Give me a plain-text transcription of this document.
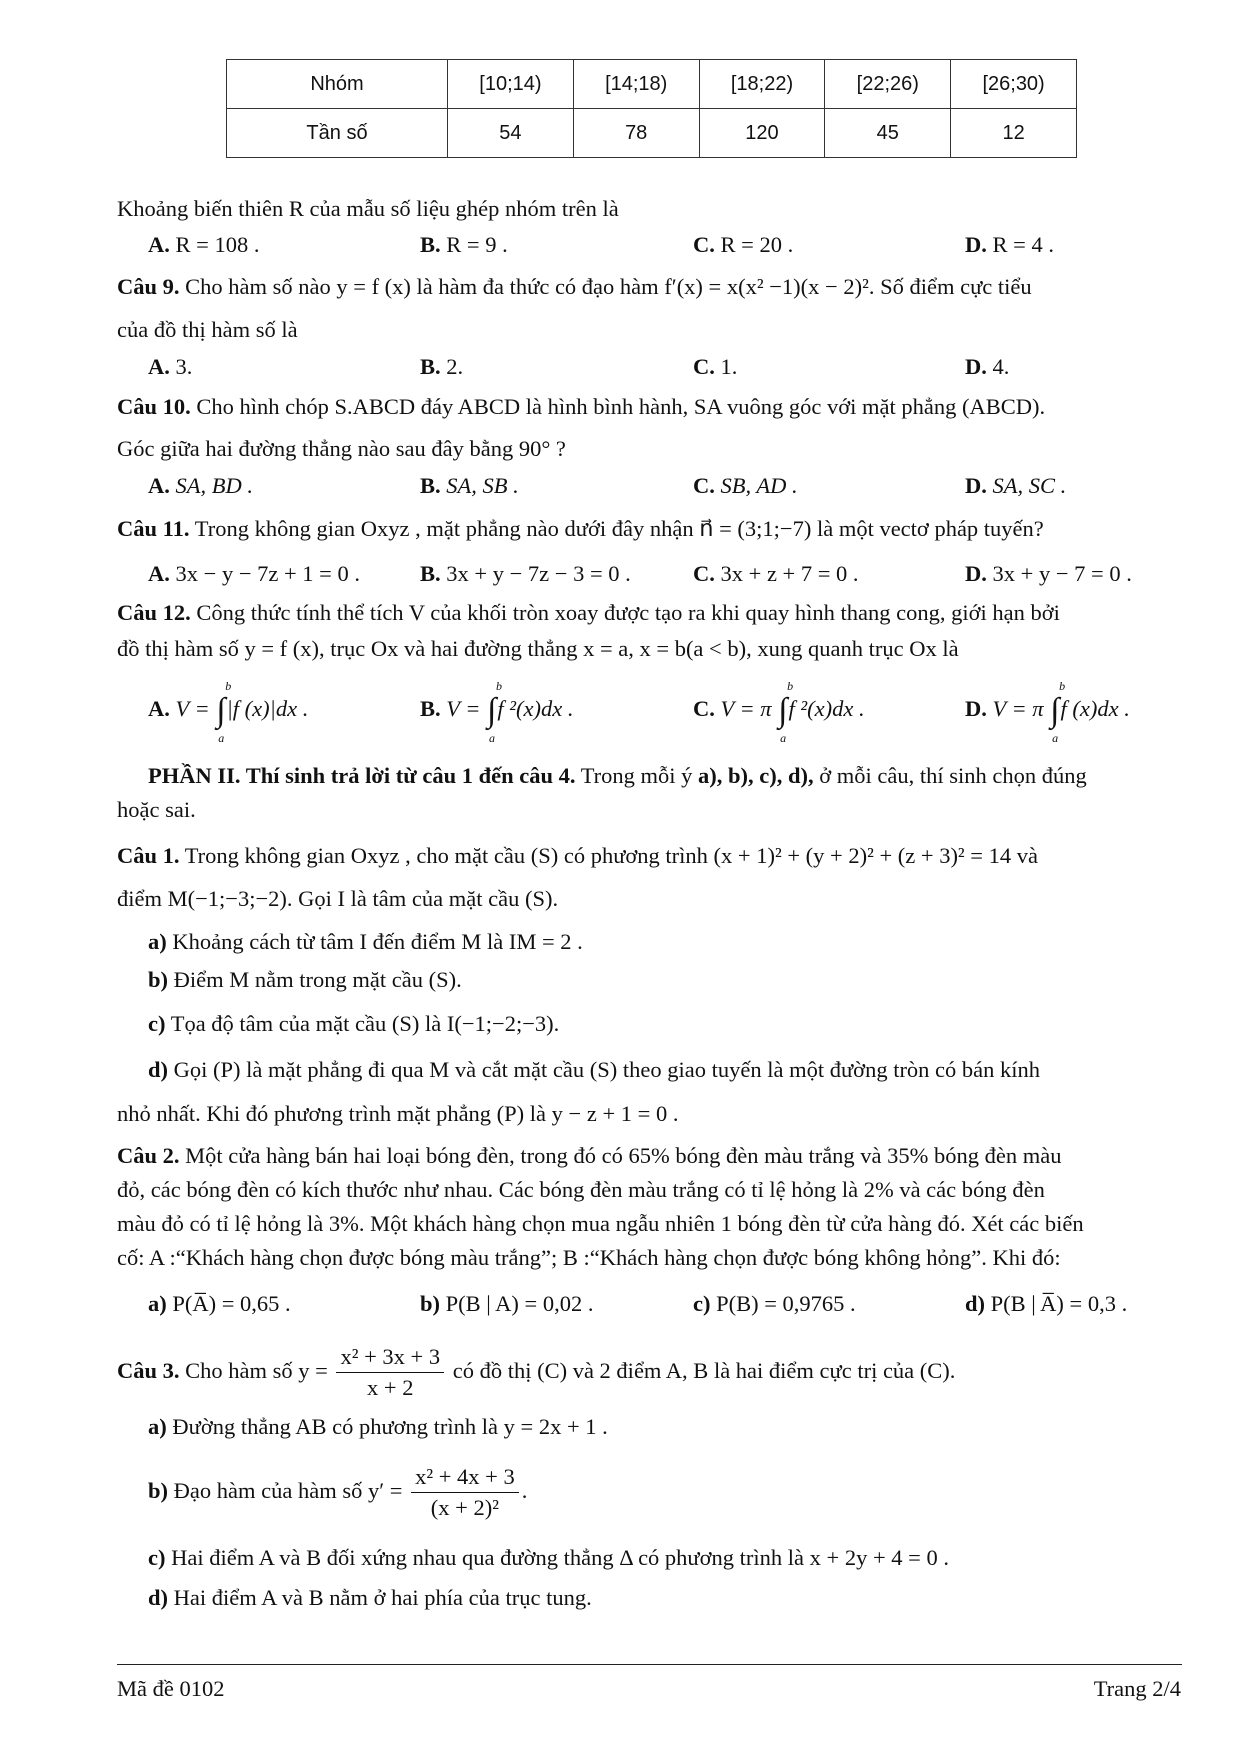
Nhóm	[10;14)	[14;18)	[18;22)	[22;26)	[26;30)
Tần số	54	78	120	45	12
Khoảng biến thiên R của mẫu số liệu ghép nhóm trên là
A. R = 108 .	B. R = 9 .	C. R = 20 .	D. R = 4 .
Câu 9. Cho hàm số nào y = f (x) là hàm đa thức có đạo hàm f′(x) = x(x² −1)(x − 2)². Số điểm cực tiểu
của đồ thị hàm số là
A. 3.	B. 2.	C. 1.	D. 4.
Câu 10. Cho hình chóp S.ABCD đáy ABCD là hình bình hành, SA vuông góc với mặt phẳng (ABCD).
Góc giữa hai đường thẳng nào sau đây bằng 90° ?
A. SA, BD .	B. SA, SB .	C. SB, AD .	D. SA, SC .
Câu 11. Trong không gian Oxyz , mặt phẳng nào dưới đây nhận n⃗ = (3;1;−7) là một vectơ pháp tuyến?
A. 3x − y − 7z + 1 = 0 .	B. 3x + y − 7z − 3 = 0 .	C. 3x + z + 7 = 0 .	D. 3x + y − 7 = 0 .
Câu 12. Công thức tính thể tích V của khối tròn xoay được tạo ra khi quay hình thang cong, giới hạn bởi
đồ thị hàm số y = f (x), trục Ox và hai đường thẳng x = a, x = b(a < b), xung quanh trục Ox là
A. V = ∫
b
a
|f (x)|dx .	B. V = ∫
b
a
f ²(x)dx .	C. V = π ∫
b
a
f ²(x)dx .	D. V = π ∫
b
a
f (x)dx .
PHẦN II. Thí sinh trả lời từ câu 1 đến câu 4. Trong mỗi ý a), b), c), d), ở mỗi câu, thí sinh chọn đúng
hoặc sai.
Câu 1. Trong không gian Oxyz , cho mặt cầu (S) có phương trình (x + 1)² + (y + 2)² + (z + 3)² = 14 và
điểm M(−1;−3;−2). Gọi I là tâm của mặt cầu (S).
a) Khoảng cách từ tâm I đến điểm M là IM = 2 .
b) Điểm M nằm trong mặt cầu (S).
c) Tọa độ tâm của mặt cầu (S) là I(−1;−2;−3).
d) Gọi (P) là mặt phẳng đi qua M và cắt mặt cầu (S) theo giao tuyến là một đường tròn có bán kính
nhỏ nhất. Khi đó phương trình mặt phẳng (P) là y − z + 1 = 0 .
Câu 2. Một cửa hàng bán hai loại bóng đèn, trong đó có 65% bóng đèn màu trắng và 35% bóng đèn màu
đỏ, các bóng đèn có kích thước như nhau. Các bóng đèn màu trắng có tỉ lệ hỏng là 2% và các bóng đèn
màu đỏ có tỉ lệ hỏng là 3%. Một khách hàng chọn mua ngẫu nhiên 1 bóng đèn từ cửa hàng đó. Xét các biến
cố: A :“Khách hàng chọn được bóng màu trắng”; B :“Khách hàng chọn được bóng không hỏng”. Khi đó:
a) P(A̅) = 0,65 .	b) P(B | A) = 0,02 .	c) P(B) = 0,9765 .	d) P(B | A̅) = 0,3 .
Câu 3. Cho hàm số $y = \frac{\text{x² + 3x + 3}}{x + 2}$ có đồ thị (C) và 2 điểm A, B là hai điểm cực trị của (C).
a) Đường thẳng AB có phương trình là y = 2x + 1 .
b) Đạo hàm của hàm số $y' = \frac{\text{x² + 4x + 3}}{\text{(x + 2)²}}$ .
c) Hai điểm A và B đối xứng nhau qua đường thẳng Δ có phương trình là x + 2y + 4 = 0 .
d) Hai điểm A và B nằm ở hai phía của trục tung.
Mã đề 0102	Trang 2/4
